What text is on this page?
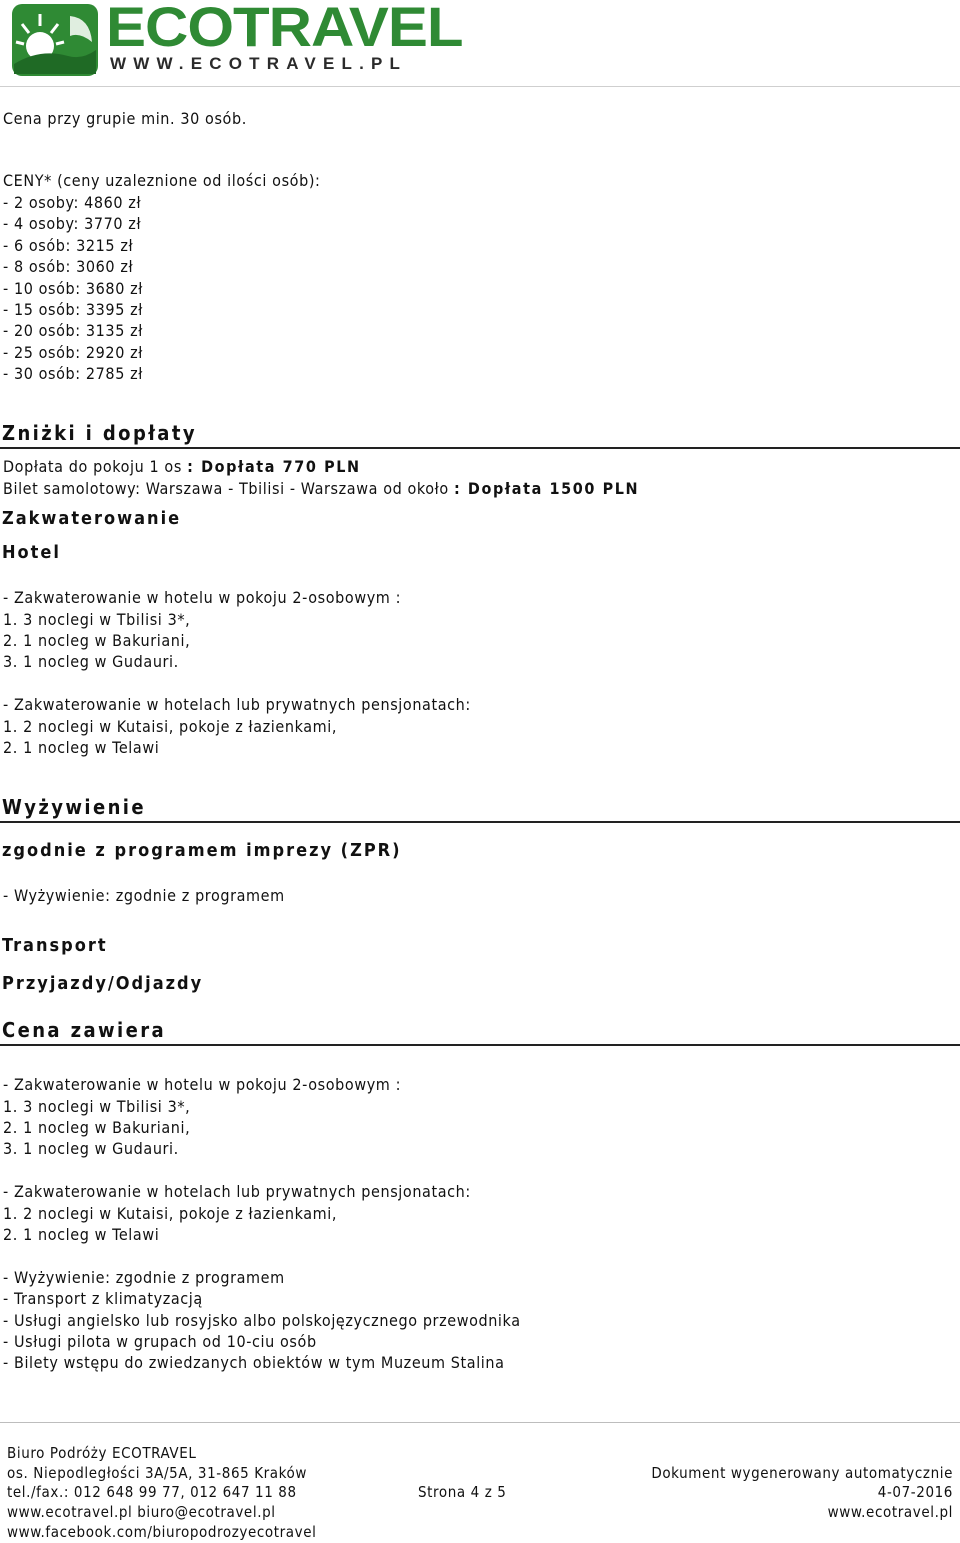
ECOTRAVEL
WWW.ECOTRAVEL.PL

Cena przy grupie min. 30 osób.

CENY* (ceny uzaleznione od ilości osób):

- 2 osoby: 4860 zł

- 4 osoby: 3770 zł

- 6 osób: 3215 zł

- 8 osób: 3060 zł

- 10 osób: 3680 zł

- 15 osób: 3395 zł

- 20 osób: 3135 zł

- 25 osób: 2920 zł

- 30 osób: 2785 zł

Zniżki i dopłaty

Dopłata do pokoju 1 os : Dopłata 770 PLN

Bilet samolotowy: Warszawa - Tbilisi - Warszawa od około : Dopłata 1500 PLN

Zakwaterowanie
Hotel

- Zakwaterowanie w hotelu w pokoju 2-osobowym :

1. 3 noclegi w Tbilisi 3*,

2. 1 nocleg w Bakuriani,

3. 1 nocleg w Gudauri.

- Zakwaterowanie w hotelach lub prywatnych pensjonatach:

1. 2 noclegi w Kutaisi, pokoje z łazienkami,

2. 1 nocleg w Telawi

Wyżywienie
zgodnie z programem imprezy (ZPR)

- Wyżywienie: zgodnie z programem

Transport
Przyjazdy/Odjazdy
Cena zawiera

- Zakwaterowanie w hotelu w pokoju 2-osobowym :

1. 3 noclegi w Tbilisi 3*,

2. 1 nocleg w Bakuriani,

3. 1 nocleg w Gudauri.

- Zakwaterowanie w hotelach lub prywatnych pensjonatach:

1. 2 noclegi w Kutaisi, pokoje z łazienkami,

2. 1 nocleg w Telawi

- Wyżywienie: zgodnie z programem

- Transport z klimatyzacją

- Usługi angielsko lub rosyjsko albo polskojęzycznego przewodnika

- Usługi pilota w grupach od 10-ciu osób

- Bilety wstępu do zwiedzanych obiektów w tym Muzeum Stalina

Biuro Podróży ECOTRAVEL

os. Niepodległości 3A/5A, 31-865 Kraków

tel./fax.: 012 648 99 77, 012 647 11 88

www.ecotravel.pl biuro@ecotravel.pl

www.facebook.com/biuropodrozyecotravel

Strona 4 z 5

Dokument wygenerowany automatycznie

4-07-2016

www.ecotravel.pl
